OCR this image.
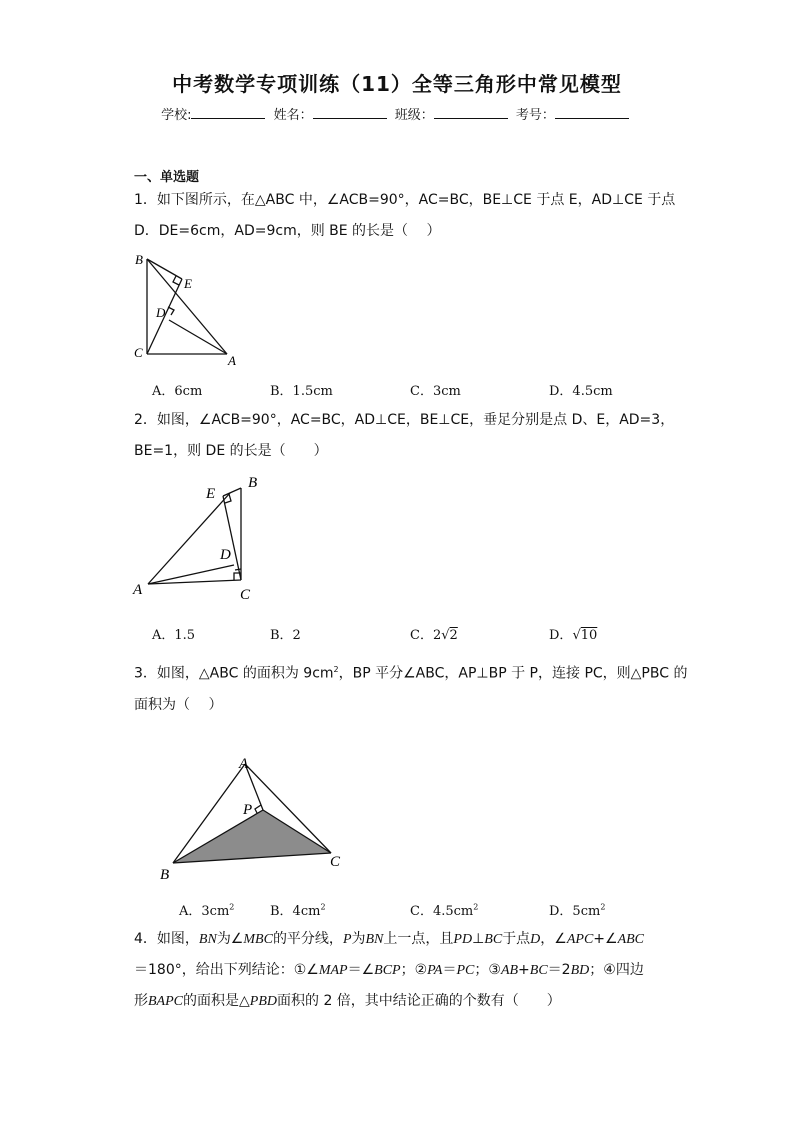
中考数学专项训练（11）全等三角形中常见模型
学校:	姓名：	班级：	考号：
一、单选题
1．如下图所示，在△ABC 中，∠ACB=90°，AC=BC，BE⊥CE 于点 E，AD⊥CE 于点
D．DE=6cm，AD=9cm，则 BE 的长是（　 ）
B
E
D
C
A
A．6cm	B．1.5cm	C．3cm	D．4.5cm
2．如图，∠ACB=90°，AC=BC，AD⊥CE，BE⊥CE，垂足分别是点 D、E，AD=3，
BE=1，则 DE 的长是（　　）
E
B
D
A	C
A．1.5	B．2	C．2√2	D．√10
3．如图，△ABC 的面积为 $9cm^2$，BP 平分∠ABC，AP⊥BP 于 P，连接 PC，则△PBC 的
面积为（　 ）
A
P
B
C
A．$3cm^2$	B．$4cm^2$	C．$4.5cm^2$	D．$5cm^2$
4．如图，BN为∠MBC的平分线，P为BN上一点，且PD⊥BC于点D，∠APC+∠ABC
＝180°，给出下列结论：①∠MAP＝∠BCP；②PA＝PC；③AB+BC＝2BD；④四边
形BAPC的面积是△PBD面积的 2 倍，其中结论正确的个数有（　　）
